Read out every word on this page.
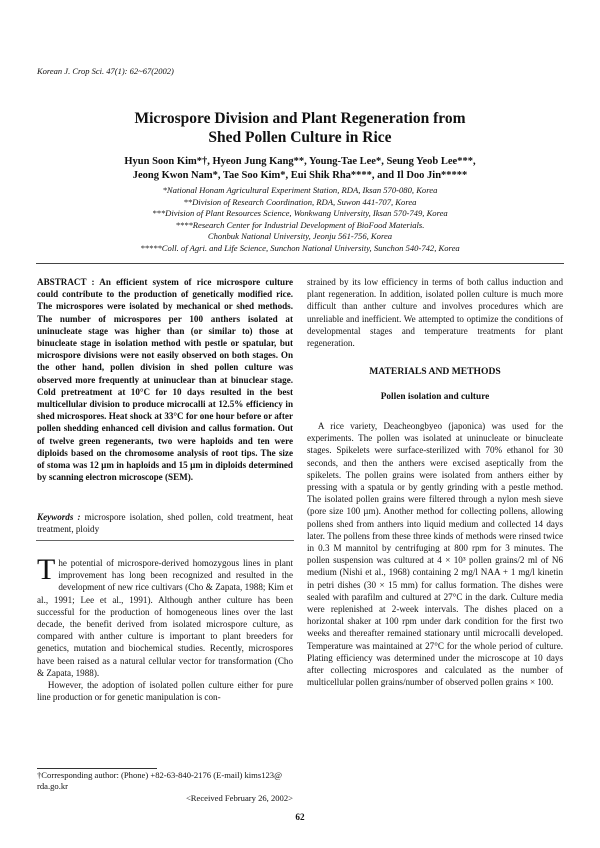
Korean J. Crop Sci. 47(1): 62~67(2002)
Microspore Division and Plant Regeneration from
Shed Pollen Culture in Rice
Hyun Soon Kim*†, Hyeon Jung Kang**, Young-Tae Lee*, Seung Yeob Lee***,
Jeong Kwon Nam*, Tae Soo Kim*, Eui Shik Rha****, and Il Doo Jin*****
*National Honam Agricultural Experiment Station, RDA, Iksan 570-080, Korea
**Division of Research Coordination, RDA, Suwon 441-707, Korea
***Division of Plant Resources Science, Wonkwang University, Iksan 570-749, Korea
****Research Center for Industrial Development of BioFood Materials.
Chonbuk National University, Jeonju 561-756, Korea
*****Coll. of Agri. and Life Science, Sunchon National University, Sunchon 540-742, Korea
ABSTRACT : An efficient system of rice microspore culture could contribute to the production of genetically modified rice. The microspores were isolated by mechanical or shed methods. The number of microspores per 100 anthers isolated at uninucleate stage was higher than (or similar to) those at binucleate stage in isolation method with pestle or spatular, but microspore divisions were not easily observed on both stages. On the other hand, pollen division in shed pollen culture was observed more frequently at uninuclear than at binuclear stage. Cold pretreatment at 10°C for 10 days resulted in the best multicellular division to produce microcalli at 12.5% efficiency in shed microspores. Heat shock at 33°C for one hour before or after pollen shedding enhanced cell division and callus formation. Out of twelve green regenerants, two were haploids and ten were diploids based on the chromosome analysis of root tips. The size of stoma was 12 µm in haploids and 15 µm in diploids determined by scanning electron microscope (SEM).
Keywords : microspore isolation, shed pollen, cold treatment, heat treatment, ploidy

The potential of microspore-derived homozygous lines in plant improvement has long been recognized and resulted in the development of new rice cultivars (Cho & Zapata, 1988; Kim et al., 1991; Lee et al., 1991). Although anther culture has been successful for the production of homogeneous lines over the last decade, the benefit derived from isolated microspore culture, as compared with anther culture is important to plant breeders for genetics, mutation and biochemical studies. Recently, microspores have been raised as a natural cellular vector for transformation (Cho & Zapata, 1988).

However, the adoption of isolated pollen culture either for pure line production or for genetic manipulation is con-

†Corresponding author: (Phone) +82-63-840-2176 (E-mail) kims123@ rda.go.kr
<Received February 26, 2002>
strained by its low efficiency in terms of both callus induction and plant regeneration. In addition, isolated pollen culture is much more difficult than anther culture and involves procedures which are unreliable and inefficient. We attempted to optimize the conditions of developmental stages and temperature treatments for plant regeneration.
MATERIALS AND METHODS
Pollen isolation and culture
A rice variety, Deacheongbyeo (japonica) was used for the experiments. The pollen was isolated at uninucleate or binucleate stages. Spikelets were surface-sterilized with 70% ethanol for 30 seconds, and then the anthers were excised aseptically from the spikelets. The pollen grains were isolated from anthers either by pressing with a spatula or by gently grinding with a pestle method. The isolated pollen grains were filtered through a nylon mesh sieve (pore size 100 µm). Another method for collecting pollens, allowing pollens shed from anthers into liquid medium and collected 14 days later. The pollens from these three kinds of methods were rinsed twice in 0.3 M mannitol by centrifuging at 800 rpm for 3 minutes. The pollen suspension was cultured at 4 × 10³ pollen grains/2 ml of N6 medium (Nishi et al., 1968) containing 2 mg/l NAA + 1 mg/l kinetin in petri dishes (30 × 15 mm) for callus formation. The dishes were sealed with parafilm and cultured at 27°C in the dark. Culture media were replenished at 2-week intervals. The dishes placed on a horizontal shaker at 100 rpm under dark condition for the first two weeks and thereafter remained stationary until microcalli developed. Temperature was maintained at 27°C for the whole period of culture. Plating efficiency was determined under the microscope at 10 days after collecting microspores and calculated as the number of multicellular pollen grains/number of observed pollen grains × 100.
62
